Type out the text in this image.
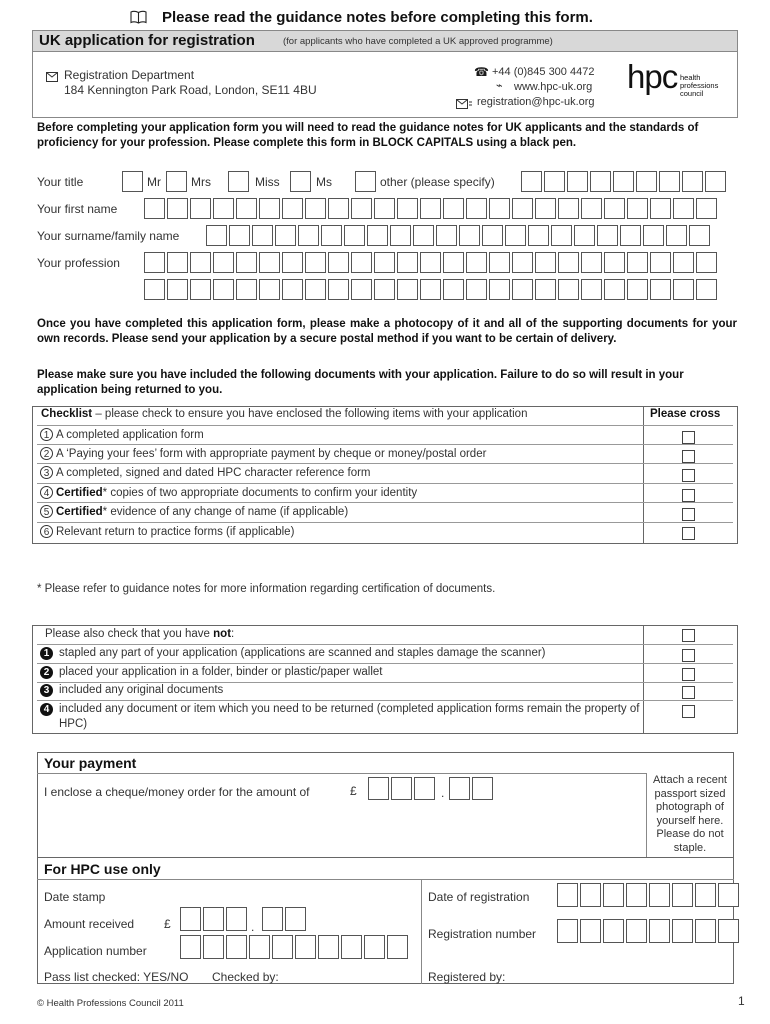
Please read the guidance notes before completing this form.
UK application for registration	(for applicants who have completed a UK approved programme)
Registration Department
184 Kennington Park Road, London, SE11 4BU
☎ +44 (0)845 300 4472
⌁ www.hpc-uk.org
registration@hpc-uk.org
hpc health
professions
council
Before completing your application form you will need to read the guidance notes for UK applicants and the standards of proficiency for your profession. Please complete this form in BLOCK CAPITALS using a black pen.
Your title	Mr	Mrs	Miss	Ms	other (please specify)
Your first name
Your surname/family name
Your profession
Once you have completed this application form, please make a photocopy of it and all of the supporting documents for your own records. Please send your application by a secure postal method if you want to be certain of delivery.
Please make sure you have included the following documents with your application. Failure to do so will result in your application being returned to you.
Checklist – please check to ensure you have enclosed the following items with your application	Please cross
1 A completed application form
2 A ‘Paying your fees’ form with appropriate payment by cheque or money/postal order
3 A completed, signed and dated HPC character reference form
4 Certified* copies of two appropriate documents to confirm your identity
5 Certified* evidence of any change of name (if applicable)
6 Relevant return to practice forms (if applicable)
* Please refer to guidance notes for more information regarding certification of documents.
Please also check that you have not:
1 stapled any part of your application (applications are scanned and staples damage the scanner)
2 placed your application in a folder, binder or plastic/paper wallet
3 included any original documents
4 included any document or item which you need to be returned (completed application forms remain the property of HPC)
Your payment
I enclose a cheque/money order for the amount of	£	.
Attach a recent passport sized photograph of yourself here. Please do not staple.
For HPC use only
Date stamp
Amount received £	.
Application number
Pass list checked: YES/NO Checked by:
Date of registration
Registration number
Registered by:
© Health Professions Council 2011	1
